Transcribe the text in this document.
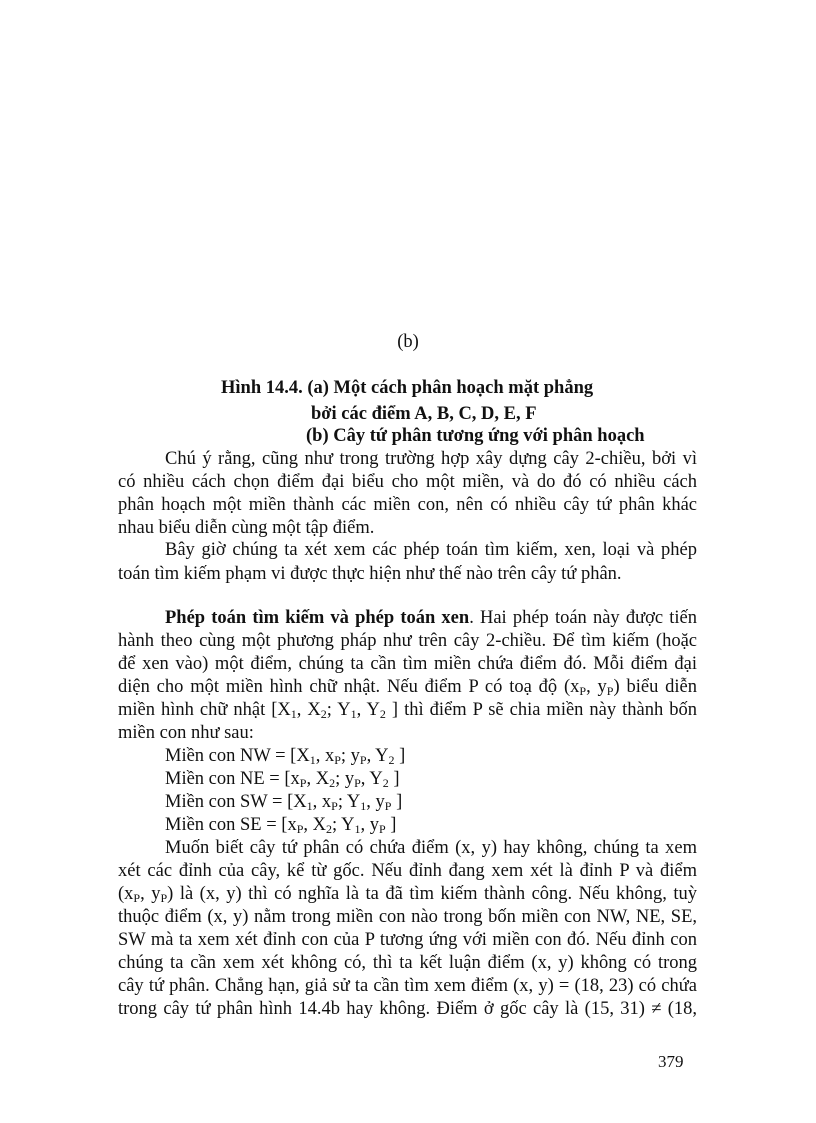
(b)
Hình 14.4. (a) Một cách phân hoạch mặt phẳng
bởi các điểm A, B, C, D, E, F
(b) Cây tứ phân tương ứng với phân hoạch
Chú ý rằng, cũng như trong trường hợp xây dựng cây 2-chiều, bởi vì
có nhiều cách chọn điểm đại biểu cho một miền, và do đó có nhiều cách
phân hoạch một miền thành các miền con, nên có nhiều cây tứ phân khác
nhau biểu diễn cùng một tập điểm.
Bây giờ chúng ta xét xem các phép toán tìm kiếm, xen, loại và phép
toán tìm kiếm phạm vi được thực hiện như thế nào trên cây tứ phân.
Phép toán tìm kiếm và phép toán xen. Hai phép toán này được tiến
hành theo cùng một phương pháp như trên cây 2-chiều. Để tìm kiếm (hoặc
để xen vào) một điểm, chúng ta cần tìm miền chứa điểm đó. Mỗi điểm đại
diện cho một miền hình chữ nhật. Nếu điểm P có toạ độ ($x_P$, $y_P$) biểu diễn
miền hình chữ nhật [$X_1$, $X_2$; $Y_1$, $Y_2$ ] thì điểm P sẽ chia miền này thành bốn
miền con như sau:
Miền con NW = [$X_1$, $x_P$; $y_P$, $Y_2$ ]
Miền con NE = [$x_P$, $X_2$; $y_P$, $Y_2$ ]
Miền con SW = [$X_1$, $x_P$; $Y_1$, $y_P$ ]
Miền con SE = [$x_P$, $X_2$; $Y_1$, $y_P$ ]
Muốn biết cây tứ phân có chứa điểm (x, y) hay không, chúng ta xem
xét các đỉnh của cây, kể từ gốc. Nếu đỉnh đang xem xét là đỉnh P và điểm
($x_P$, $y_P$) là (x, y) thì có nghĩa là ta đã tìm kiếm thành công. Nếu không, tuỳ
thuộc điểm (x, y) nằm trong miền con nào trong bốn miền con NW, NE, SE,
SW mà ta xem xét đỉnh con của P tương ứng với miền con đó. Nếu đỉnh con
chúng ta cần xem xét không có, thì ta kết luận điểm (x, y) không có trong
cây tứ phân. Chẳng hạn, giả sử ta cần tìm xem điểm (x, y) = (18, 23) có chứa
trong cây tứ phân hình 14.4b hay không. Điểm ở gốc cây là (15, 31) ≠ (18,
379
